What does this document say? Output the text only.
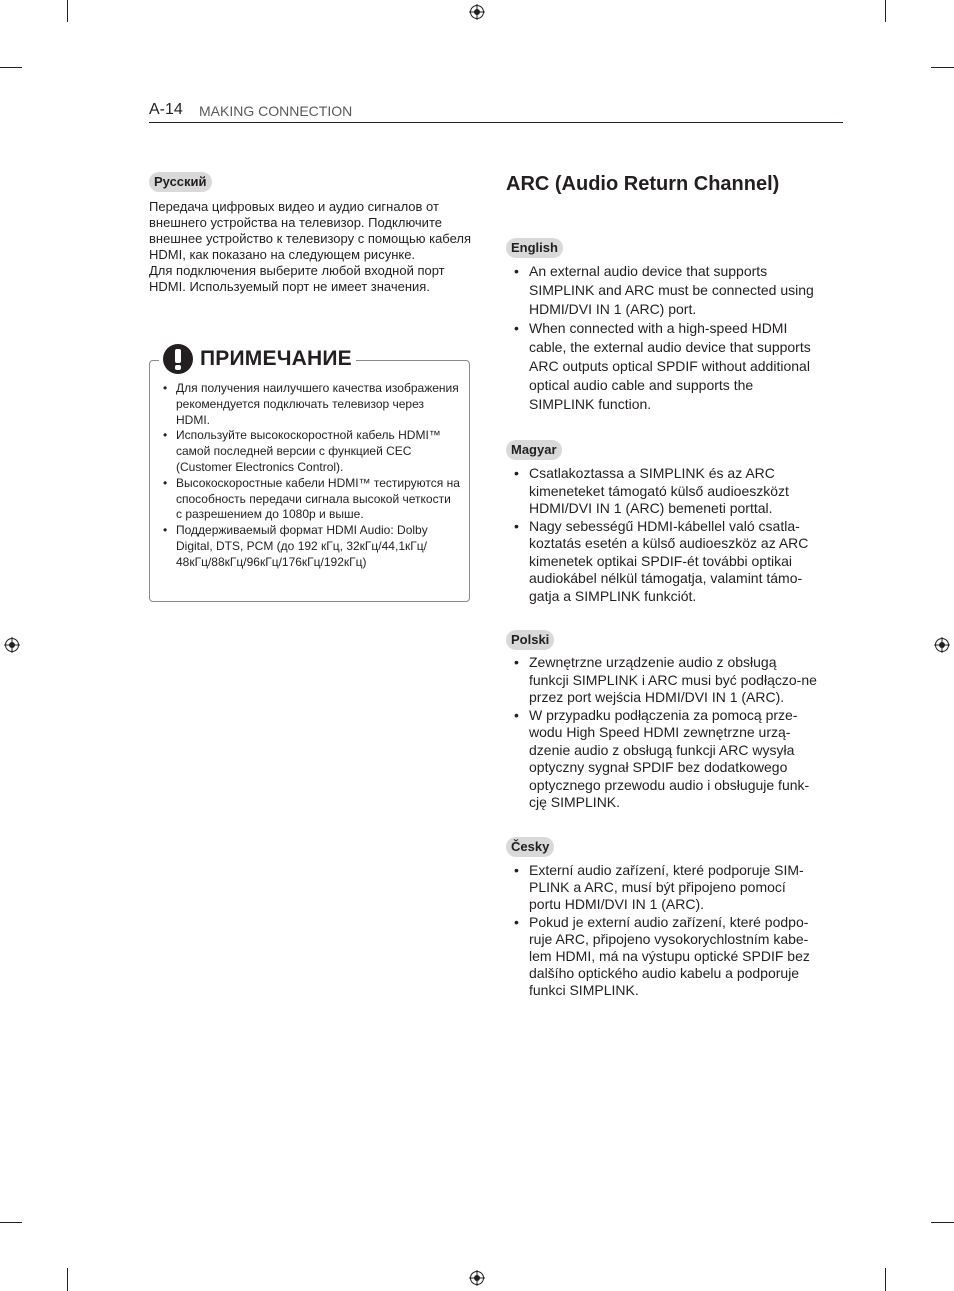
A-14 MAKING CONNECTION
Русский

Передача цифровых видео и аудио сигналов от внешнего устройства на телевизор. Подключите внешнее устройство к телевизору с помощью кабеля HDMI, как показано на следующем рисунке.
Для подключения выберите любой входной порт HDMI. Используемый порт не имеет значения.

ПРИМЕЧАНИЕ
• Для получения наилучшего качества изображения рекомендуется подключать телевизор через HDMI.
• Используйте высокоскоростной кабель HDMI™ самой последней версии с функцией CEC (Customer Electronics Control).
• Высокоскоростные кабели HDMI™ тестируются на способность передачи сигнала высокой четкости с разрешением до 1080p и выше.
• Поддерживаемый формат HDMI Audio: Dolby Digital, DTS, PCM (до 192 кГц, 32кГц/44,1кГц/ 48кГц/88кГц/96кГц/176кГц/192кГц)
ARC (Audio Return Channel)
English
• An external audio device that supports SIMPLINK and ARC must be connected using HDMI/DVI IN 1 (ARC) port.
• When connected with a high-speed HDMI cable, the external audio device that supports ARC outputs optical SPDIF without additional optical audio cable and supports the SIMPLINK function.
Magyar
• Csatlakoztassa a SIMPLINK és az ARC kimeneteket támogató külső audioeszközt HDMI/DVI IN 1 (ARC) bemeneti porttal.
• Nagy sebességű HDMI-kábellel való csatla-koztatás esetén a külső audioeszköz az ARC kimenetek optikai SPDIF-ét további optikai audiokábel nélkül támogatja, valamint támo-gatja a SIMPLINK funkciót.
Polski
• Zewnętrzne urządzenie audio z obsługą funkcji SIMPLINK i ARC musi być podłączo-ne przez port wejścia HDMI/DVI IN 1 (ARC).
• W przypadku podłączenia za pomocą prze-wodu High Speed HDMI zewnętrzne urzą-dzenie audio z obsługą funkcji ARC wysyła optyczny sygnał SPDIF bez dodatkowego optycznego przewodu audio i obsługuje funk-cję SIMPLINK.
Česky
• Externí audio zařízení, které podporuje SIM-PLINK a ARC, musí být připojeno pomocí portu HDMI/DVI IN 1 (ARC).
• Pokud je externí audio zařízení, které podpo-ruje ARC, připojeno vysokorychlostním kabe-lem HDMI, má na výstupu optické SPDIF bez dalšího optického audio kabelu a podporuje funkci SIMPLINK.
